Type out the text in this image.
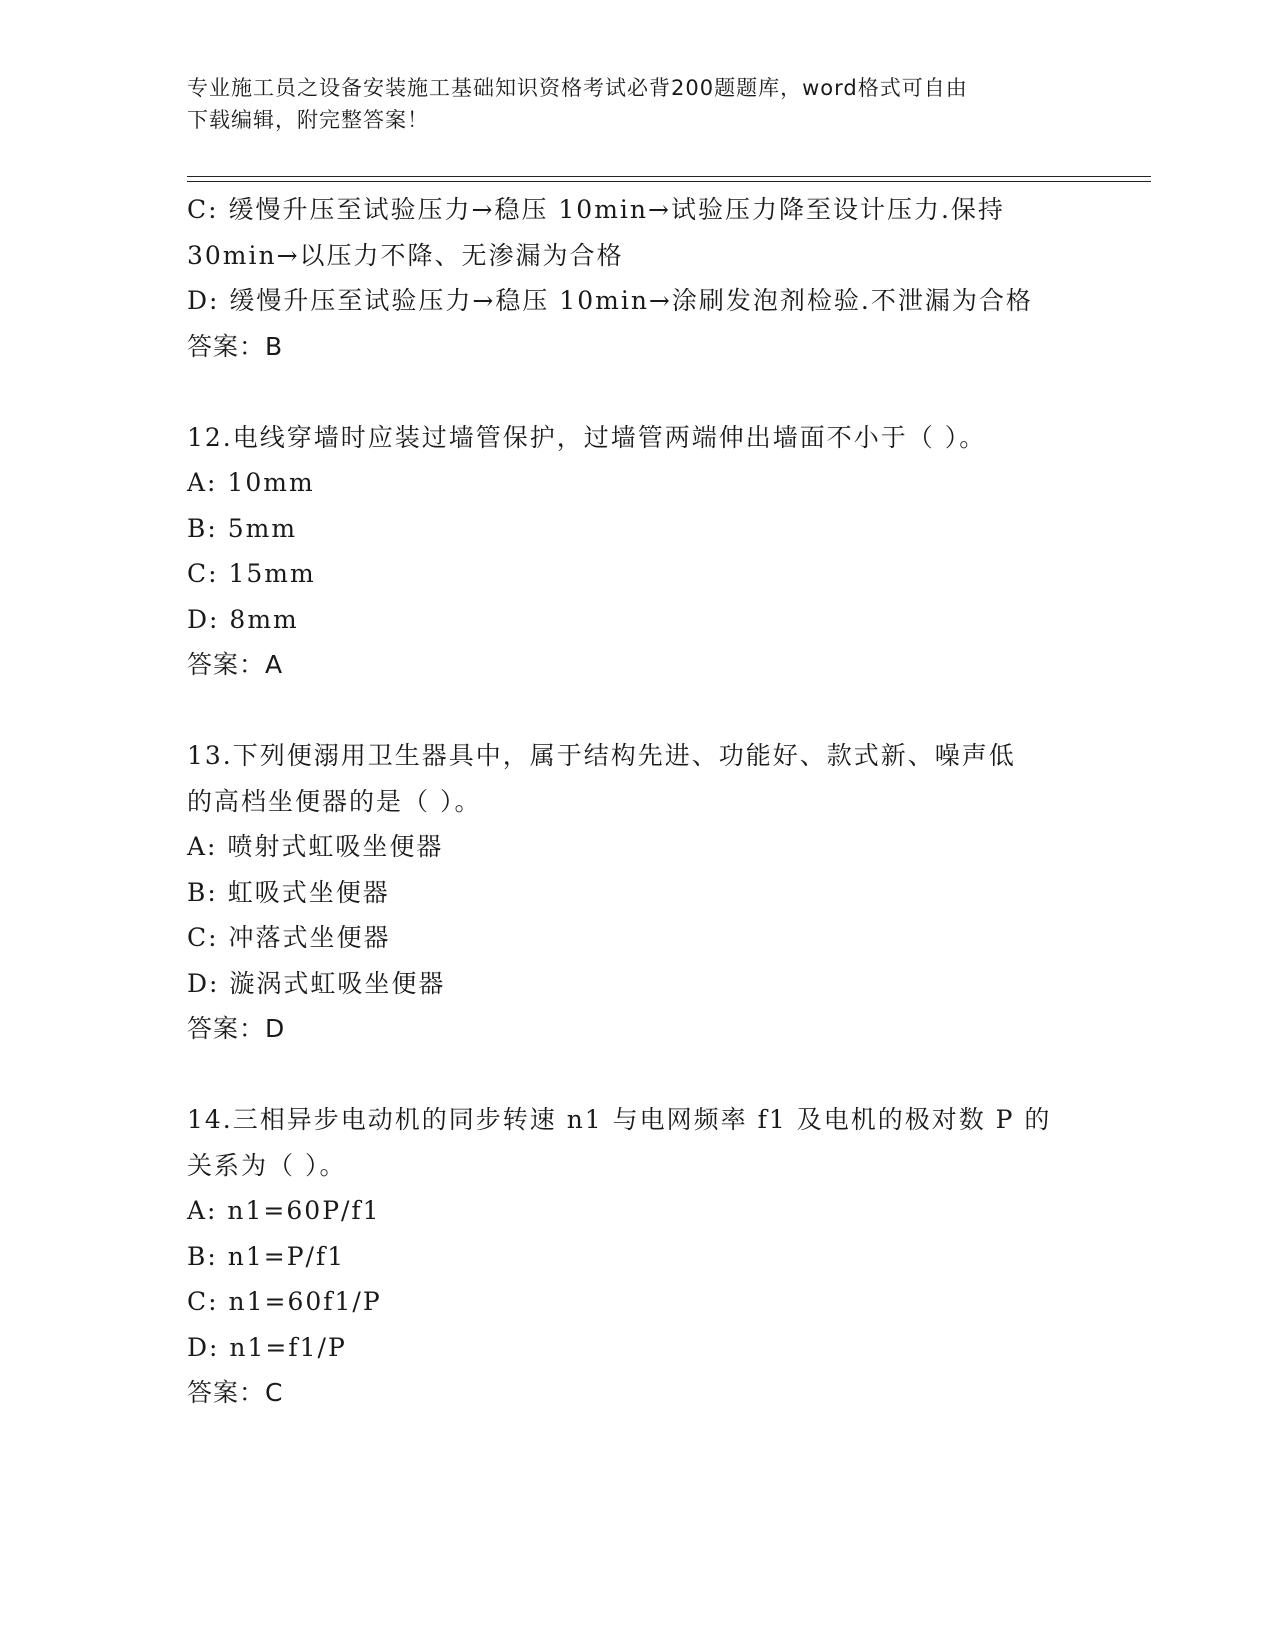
专业施工员之设备安装施工基础知识资格考试必背200题题库，word格式可自由
下载编辑，附完整答案！
C: 缓慢升压至试验压力→稳压 10min→试验压力降至设计压力.保持
30min→以压力不降、无渗漏为合格
D: 缓慢升压至试验压力→稳压 10min→涂刷发泡剂检验.不泄漏为合格
答案：B
12.电线穿墙时应装过墙管保护，过墙管两端伸出墙面不小于（ ）。
A: 10mm
B: 5mm
C: 15mm
D: 8mm
答案：A
13.下列便溺用卫生器具中，属于结构先进、功能好、款式新、噪声低
的高档坐便器的是（ ）。
A: 喷射式虹吸坐便器
B: 虹吸式坐便器
C: 冲落式坐便器
D: 漩涡式虹吸坐便器
答案：D
14.三相异步电动机的同步转速 n1 与电网频率 f1 及电机的极对数 P 的
关系为（ ）。
A: n1=60P/f1
B: n1=P/f1
C: n1=60f1/P
D: n1=f1/P
答案：C
